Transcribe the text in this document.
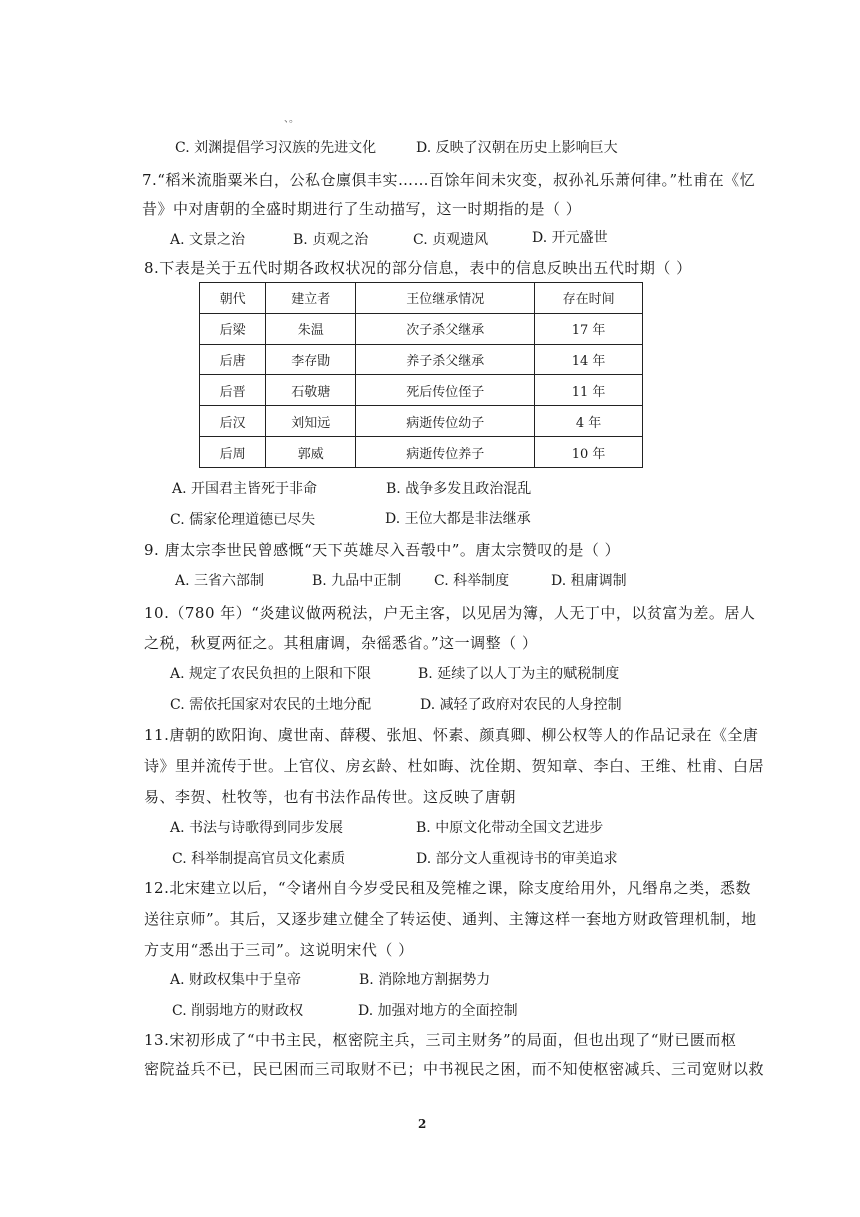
、。
C. 刘渊提倡学习汉族的先进文化	D. 反映了汉朝在历史上影响巨大
7.“稻米流脂粟米白，公私仓廪俱丰实……百馀年间未灾变，叔孙礼乐萧何律。”杜甫在《忆
昔》中对唐朝的全盛时期进行了生动描写，这一时期指的是（ ）
A. 文景之治	B. 贞观之治	C. 贞观遗风	D. 开元盛世
8.下表是关于五代时期各政权状况的部分信息，表中的信息反映出五代时期（ ）
朝代	建立者	王位继承情况	存在时间
后梁	朱温	次子杀父继承	17 年
后唐	李存勖	养子杀父继承	14 年
后晋	石敬瑭	死后传位侄子	11 年
后汉	刘知远	病逝传位幼子	4 年
后周	郭威	病逝传位养子	10 年
A. 开国君主皆死于非命	B. 战争多发且政治混乱
C. 儒家伦理道德已尽失	D. 王位大都是非法继承
9. 唐太宗李世民曾感慨“天下英雄尽入吾彀中”。唐太宗赞叹的是（ ）
A. 三省六部制	B. 九品中正制 C. 科举制度	D. 租庸调制
10.（780 年）“炎建议做两税法，户无主客，以见居为簿，人无丁中，以贫富为差。居人
之税，秋夏两征之。其租庸调，杂徭悉省。”这一调整（ ）
A. 规定了农民负担的上限和下限	B. 延续了以人丁为主的赋税制度
C. 需依托国家对农民的土地分配	D. 减轻了政府对农民的人身控制
11.唐朝的欧阳询、虞世南、薛稷、张旭、怀素、颜真卿、柳公权等人的作品记录在《全唐
诗》里并流传于世。上官仪、房玄龄、杜如晦、沈佺期、贺知章、李白、王维、杜甫、白居
易、李贺、杜牧等，也有书法作品传世。这反映了唐朝
A. 书法与诗歌得到同步发展	B. 中原文化带动全国文艺进步
C. 科举制提高官员文化素质	D. 部分文人重视诗书的审美追求
12.北宋建立以后，“令诸州自今岁受民租及筦榷之课，除支度给用外，凡缗帛之类，悉数
送往京师”。其后，又逐步建立健全了转运使、通判、主簿这样一套地方财政管理机制，地
方支用“悉出于三司”。这说明宋代（ ）
A. 财政权集中于皇帝	B. 消除地方割据势力
C. 削弱地方的财政权	D. 加强对地方的全面控制
13.宋初形成了“中书主民，枢密院主兵，三司主财务”的局面，但也出现了“财已匮而枢
密院益兵不已，民已困而三司取财不已；中书视民之困，而不知使枢密减兵、三司宽财以救
2
